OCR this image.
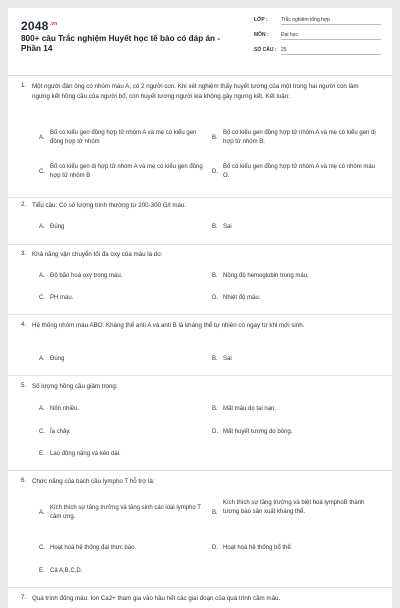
$2048^{.vn}$
800+ câu Trắc nghiệm Huyết học tế bào có đáp án - Phần 14
LỚP :	Trắc nghiệm tổng hợp
MÔN : Đại học
SỐ CÂU : 25
1. Một người đàn ông có nhóm máu A, có 2 người con. Khi xét nghiệm thấy huyết tương của một trong hai người con làm ngưng kết hồng cầu của người bố, còn huyết tương người kia không gây ngưng kết. Kết luận:
A.
Bố có kiểu gen đồng hợp tử nhóm A và mẹ có kiểu gen đồng hợp tử nhóm
B.
Bố có kiểu gen đồng hợp tử nhóm A và mẹ có kiểu gen dị hợp tử nhóm B.
C.
Bố có kiểu gen dị hợp tử nhóm A và mẹ có kiểu gen đồng hợp tử nhóm B
D.
Bố có kiểu gen đồng hợp tử nhóm A và mẹ có nhóm máu O.
2. Tiểu cầu: Có số lượng bình thường từ 200-300 G/l máu.
A. Đúng	B. Sai
3. Khả năng vận chuyển tối đa oxy của máu là do:
A. Độ bão hoà oxy trong máu.	B. Nồng độ hemoglobin trong máu.
C. PH máu.	D. Nhiệt độ máu.
4. Hệ thống nhóm máu ABO: Kháng thể anti A và anti B là kháng thể tự nhiên có ngay từ khi mới sinh.
A. Đúng	B. Sai
5. Số lượng hồng cầu giảm trong:
A. Nôn nhiều.	B. Mất máu do tai nạn.
C. Ỉa chảy.	D. Mất huyết tương do bỏng.
E. Lao động nặng và kéo dài.
6. Chức năng của bạch cầu lympho T hỗ trợ là:
A.
Kích thích sự tăng trưởng và tăng sinh các loại lympho T cảm ứng.
B.
Kích thích sự tăng trưởng và biệt hoá lymphoB thành tương bào sản xuất kháng thể.
C. Hoạt hoá hệ thống đại thực bào.	D. Hoạt hoá hệ thống bổ thể.
E. Cả A,B,C,D.
7. Quá trình đông máu: Ion Ca2+ tham gia vào hầu hết các giai đoạn của quá trình cầm máu.
